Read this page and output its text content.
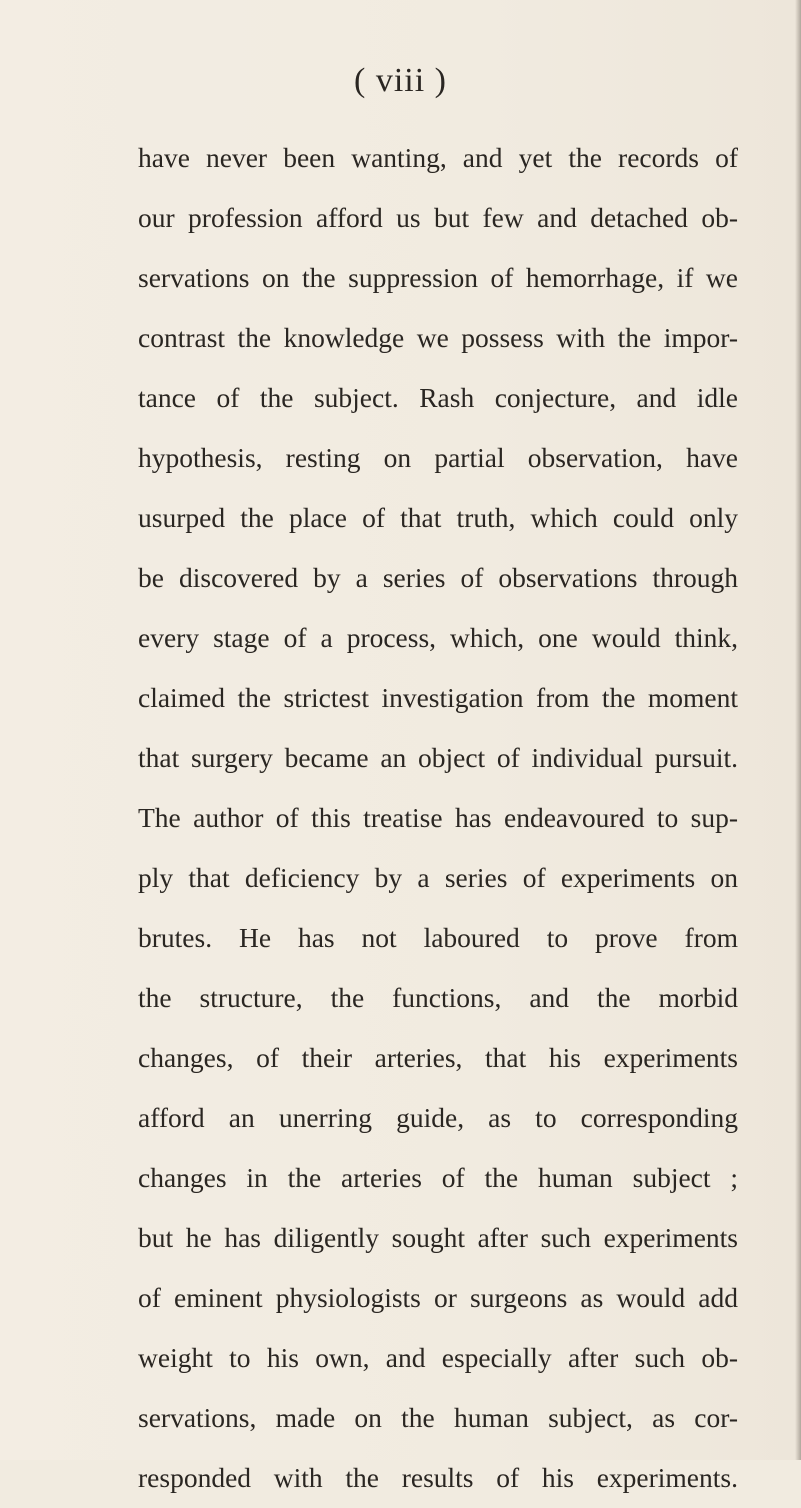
( viii )
have never been wanting, and yet the records of
our profession afford us but few and detached ob-
servations on the suppression of hemorrhage, if we
contrast the knowledge we possess with the impor-
tance of the subject. Rash conjecture, and idle
hypothesis, resting on partial observation, have
usurped the place of that truth, which could only
be discovered by a series of observations through
every stage of a process, which, one would think,
claimed the strictest investigation from the moment
that surgery became an object of individual pursuit.
The author of this treatise has endeavoured to sup-
ply that deficiency by a series of experiments on
brutes. He has not laboured to prove from
the structure, the functions, and the morbid
changes, of their arteries, that his experiments
afford an unerring guide, as to corresponding
changes in the arteries of the human subject ;
but he has diligently sought after such experiments
of eminent physiologists or surgeons as would add
weight to his own, and especially after such ob-
servations, made on the human subject, as cor-
responded with the results of his experiments.
